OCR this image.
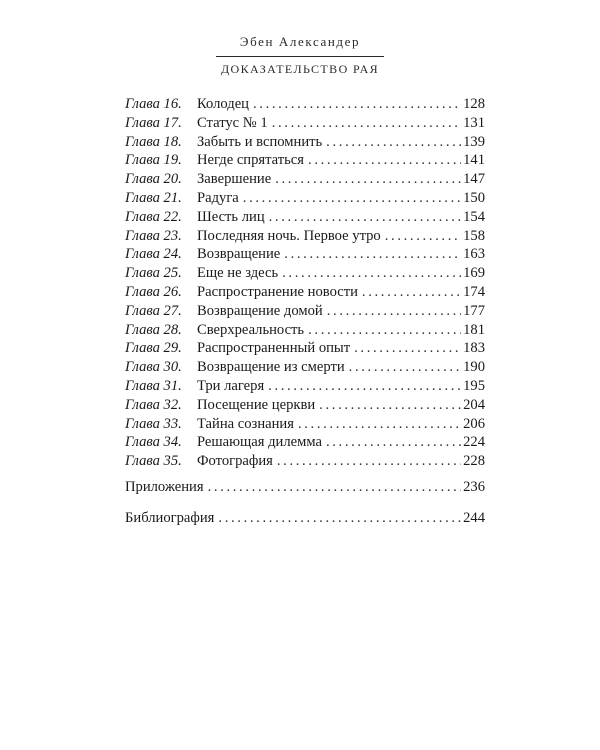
Эбен Александер
ДОКАЗАТЕЛЬСТВО РАЯ
Глава 16.	Колодец . . .	128
Глава 17.	Статус № 1 . . .	131
Глава 18.	Забыть и вспомнить . . .	139
Глава 19.	Негде спрятаться . . .	141
Глава 20.	Завершение . . .	147
Глава 21.	Радуга . . .	150
Глава 22.	Шесть лиц . . .	154
Глава 23.	Последняя ночь. Первое утро . . .	158
Глава 24.	Возвращение . . .	163
Глава 25.	Еще не здесь . . .	169
Глава 26.	Распространение новости . . .	174
Глава 27.	Возвращение домой . . .	177
Глава 28.	Сверхреальность . . .	181
Глава 29.	Распространенный опыт . . .	183
Глава 30.	Возвращение из смерти . . .	190
Глава 31.	Три лагеря . . .	195
Глава 32.	Посещение церкви . . .	204
Глава 33.	Тайна сознания . . .	206
Глава 34.	Решающая дилемма . . .	224
Глава 35.	Фотография . . .	228
Приложения . . .	236
Библиография . . .	244
